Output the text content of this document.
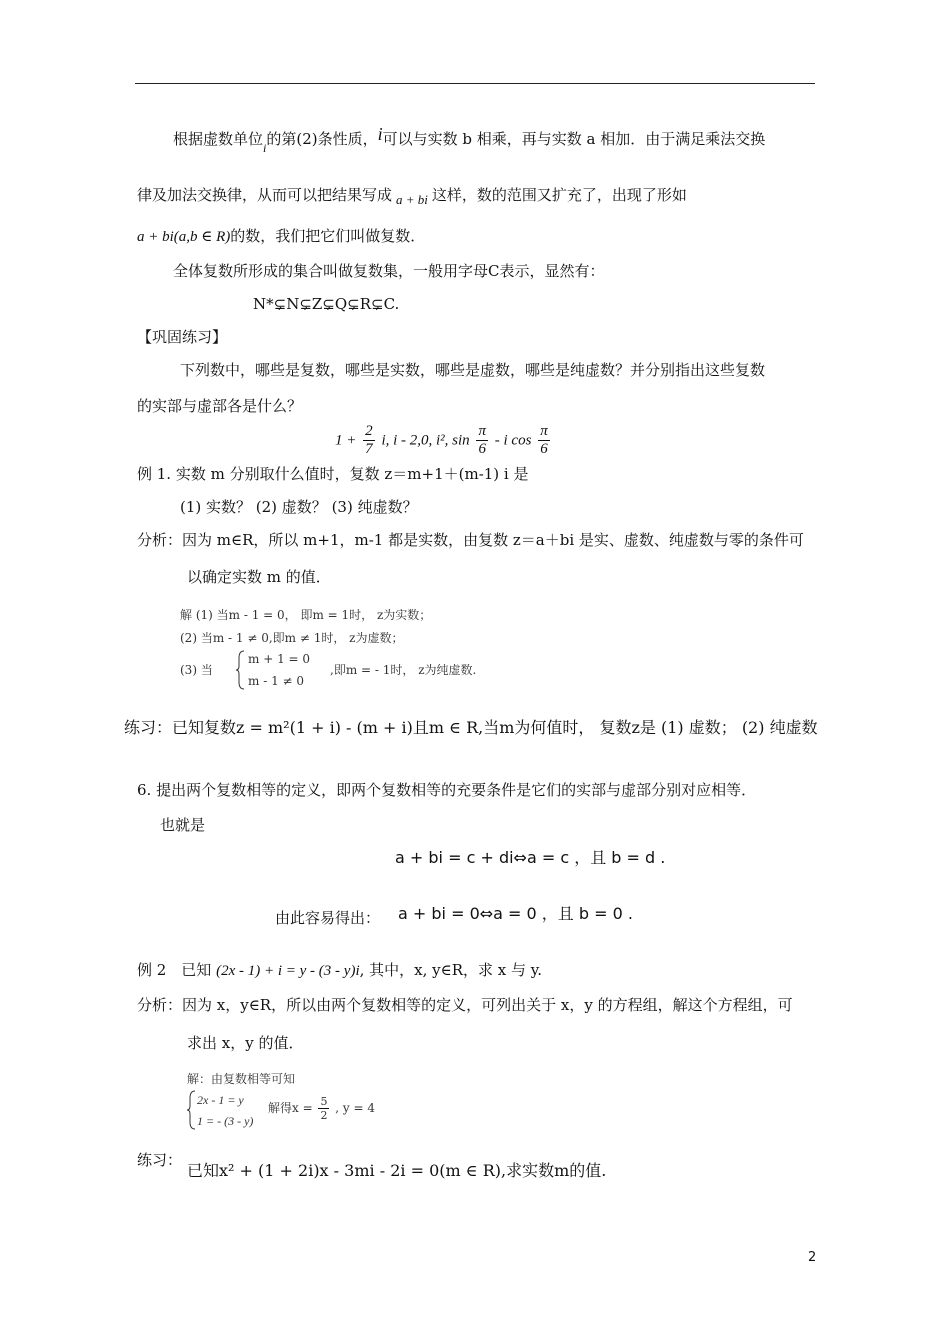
根据虚数单位$_i$的第(2)条性质，i可以与实数 b 相乘，再与实数 a 相加．由于满足乘法交换
律及加法交换律，从而可以把结果写成 a + bi 这样，数的范围又扩充了，出现了形如
a + bi(a,b ∈ R)的数，我们把它们叫做复数．
全体复数所形成的集合叫做复数集，一般用字母C表示，显然有：
N*⊊N⊊Z⊊Q⊊R⊊C.
【巩固练习】
下列数中，哪些是复数，哪些是实数，哪些是虚数，哪些是纯虚数？并分别指出这些复数
的实部与虚部各是什么？
$1 + \frac{2}{7} i$, i - 2,0, i², $\sin \frac{\pi}{6}$ - i $\cos \frac{\pi}{6}$
例 1. 实数 m 分别取什么值时，复数 z＝m+1＋(m-1) i 是
(1) 实数？ (2) 虚数？ (3) 纯虚数？
分析：因为 m∈R，所以 m+1，m-1 都是实数，由复数 z＝a＋bi 是实、虚数、纯虚数与零的条件可
以确定实数 m 的值．
解 (1) 当m - 1 = 0， 即m = 1时， z为实数；
(2) 当m - 1 ≠ 0,即m ≠ 1时， z为虚数；
(3) 当
m + 1 = 0
m - 1 ≠ 0
,即m = - 1时， z为纯虚数.
练习：已知复数z = m²(1 + i) - (m + i)且m ∈ R,当m为何值时， 复数z是 (1) 虚数； (2) 纯虚数
6. 提出两个复数相等的定义，即两个复数相等的充要条件是它们的实部与虚部分别对应相等．
也就是
a + bi = c + di⇔a = c ，且 b = d .
由此容易得出： a + bi = 0⇔a = 0 ，且 b = 0 .
例 2　已知 (2x - 1) + i = y - (3 - y)i, 其中，x, y∈R，求 x 与 y.
分析：因为 x，y∈R，所以由两个复数相等的定义，可列出关于 x，y 的方程组，解这个方程组，可
求出 x，y 的值．
解：由复数相等可知
2x - 1 = y
1 = - (3 - y)
解得$x = \frac{5}{2}$ , y = 4
练习：
已知x² + (1 + 2i)x - 3mi - 2i = 0(m ∈ R),求实数m的值.
2
